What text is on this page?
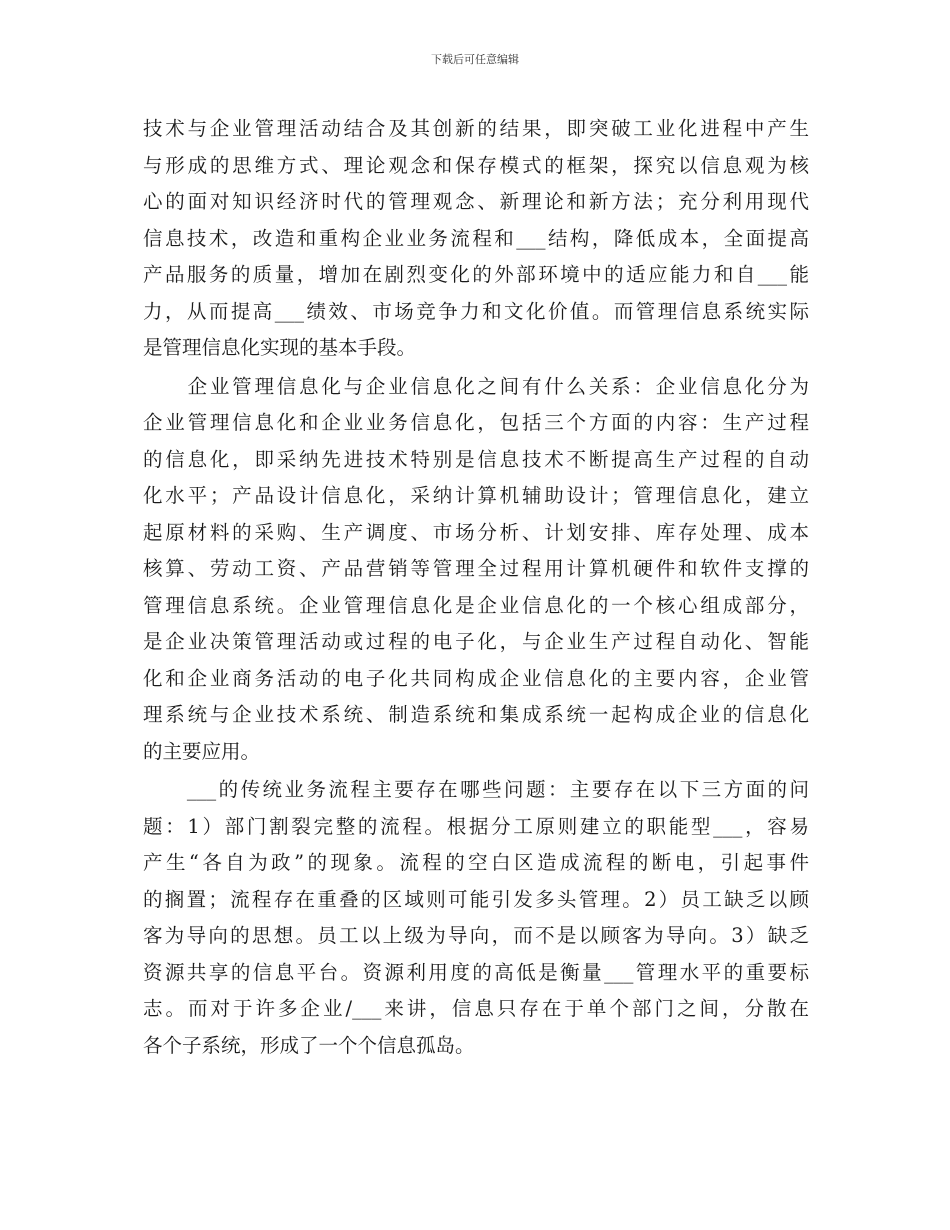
下载后可任意编辑
技术与企业管理活动结合及其创新的结果，即突破工业化进程中产生
与形成的思维方式、理论观念和保存模式的框架，探究以信息观为核
心的面对知识经济时代的管理观念、新理论和新方法；充分利用现代
信息技术，改造和重构企业业务流程和___结构，降低成本，全面提高
产品服务的质量，增加在剧烈变化的外部环境中的适应能力和自___能
力，从而提高___绩效、市场竞争力和文化价值。而管理信息系统实际
是管理信息化实现的基本手段。
　　企业管理信息化与企业信息化之间有什么关系：企业信息化分为
企业管理信息化和企业业务信息化，包括三个方面的内容：生产过程
的信息化，即采纳先进技术特别是信息技术不断提高生产过程的自动
化水平；产品设计信息化，采纳计算机辅助设计；管理信息化，建立
起原材料的采购、生产调度、市场分析、计划安排、库存处理、成本
核算、劳动工资、产品营销等管理全过程用计算机硬件和软件支撑的
管理信息系统。企业管理信息化是企业信息化的一个核心组成部分，
是企业决策管理活动或过程的电子化，与企业生产过程自动化、智能
化和企业商务活动的电子化共同构成企业信息化的主要内容，企业管
理系统与企业技术系统、制造系统和集成系统一起构成企业的信息化
的主要应用。
　　___的传统业务流程主要存在哪些问题：主要存在以下三方面的问
题：1）部门割裂完整的流程。根据分工原则建立的职能型___，容易
产生“各自为政”的现象。流程的空白区造成流程的断电，引起事件
的搁置；流程存在重叠的区域则可能引发多头管理。2）员工缺乏以顾
客为导向的思想。员工以上级为导向，而不是以顾客为导向。3）缺乏
资源共享的信息平台。资源利用度的高低是衡量___管理水平的重要标
志。而对于许多企业/___来讲，信息只存在于单个部门之间，分散在
各个子系统，形成了一个个信息孤岛。
